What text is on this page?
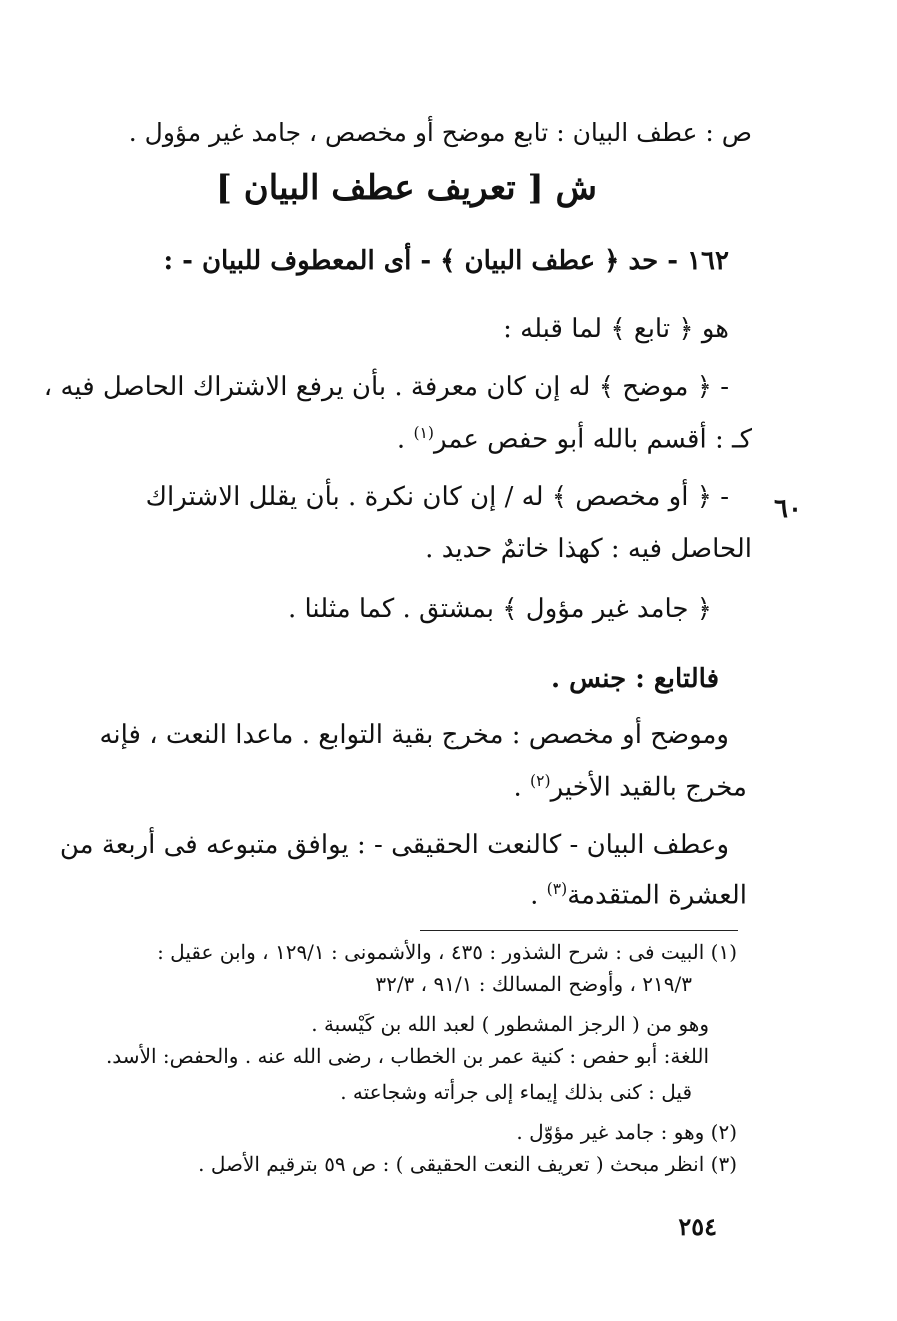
ص : عطف البيان : تابع موضح أو مخصص ، جامد غير مؤول .
ش [ تعريف عطف البيان ]
١٦٢ - حد ﴿ عطف البيان ﴾ - أى المعطوف للبيان - :
هو ﴿ تابع ﴾ لما قبله :
- ﴿ موضح ﴾ له إن كان معرفة . بأن يرفع الاشتراك الحاصل فيه ،
كـ : أقسم بالله أبو حفص عمر$^{(١)}$ .
- ﴿ أو مخصص ﴾ له / إن كان نكرة . بأن يقلل الاشتراك ٦٠
الحاصل فيه : كهذا خاتمٌ حديد .
﴿ جامد غير مؤول ﴾ بمشتق . كما مثلنا .
فالتابع : جنس .
وموضح أو مخصص : مخرج بقية التوابع . ماعدا النعت ، فإنه
مخرج بالقيد الأخير$^{(٢)}$ .
وعطف البيان - كالنعت الحقيقى - : يوافق متبوعه فى أربعة من
العشرة المتقدمة$^{(٣)}$ .
(١) البيت فى : شرح الشذور : ٤٣٥ ، والأشمونى : ١٢٩/١ ، وابن عقيل :
٢١٩/٣ ، وأوضح المسالك : ٩١/١ ، ٣٢/٣
وهو من ( الرجز المشطور ) لعبد الله بن كَيْسبة .
اللغة: أبو حفص : كنية عمر بن الخطاب ، رضى الله عنه . والحفص: الأسد.
قيل : كنى بذلك إيماء إلى جرأته وشجاعته .
(٢) وهو : جامد غير مؤوّل .
(٣) انظر مبحث ( تعريف النعت الحقيقى ) : ص ٥٩ بترقيم الأصل .
٢٥٤
